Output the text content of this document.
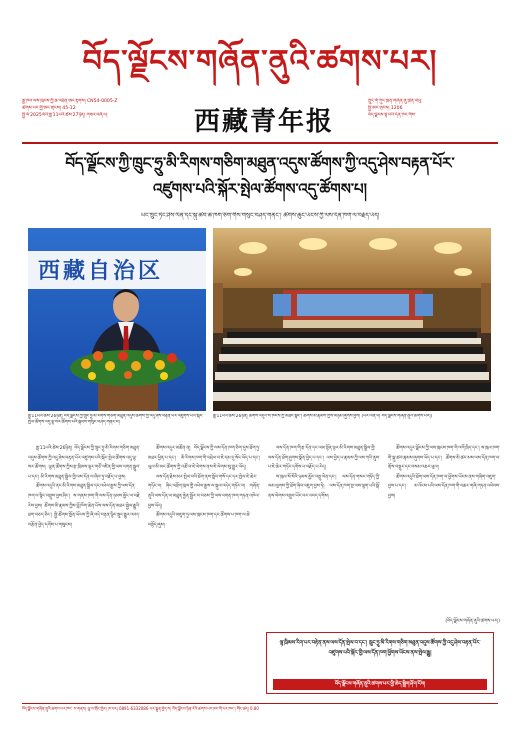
བོད་ལྗོངས་གཞོན་ནུའི་ཚགས་པར།
རྒྱ་ཁབ་ལས་ཁུངས་ཀྱི་ཆ་འཕྲིན་ཨང་རྟགས། CN54-0005-Z
ཚགས་པར་གྱི་ཨང་གྲངས། 45-12
སྤྱི་ལོ་2025ལོའི་ཟླ་11པའི་ཚེས་27ཉིན། གཟའ་བཞི་པ།	西藏青年报
ཀྲུང་གོ་ཀུང་ཁྲན་གཞོན་ནུ་ཁྲེན་ལེའུ་
སྤྱི་ཨང་གྲངས། 1206
བོད་ལྗོངས་ལྟེ་བའི་དོན་ཁང་གིས་
བོད་ལྗོངས་ཀྱི་ཁྲུང་ཧྲུ་མི་རིགས་གཅིག་མཐུན་འདུས་ཚོགས་ཀྱི་འདུ་ཤེས་བརྟན་པོར་
འཛུགས་པའི་སྐོར་སྤེལ་ཚོགས་འདུ་ཚོགས་པ།
ཡང་ཁྲུང་ཏེང་ཤིས་ལིན་དང་སྐུ་ཚབ་ཆེ་ཁག་ཅིག་གིས་གསུང་བཤད་གནང་། ཚོགས་ཆུང་ཡོངས་ཀྱི་ལས་དོན་ཁག་ལ་བརྗོད་ཡོད།
西藏自治区
ཟླ་11པའི་ཚེས་26ཉིན། བོད་ལྗོངས་ཀྱི་ཁྲུང་ཧྲུ་མི་རིགས་གཅིག་མཐུན་འདུས་ཚོགས་ཀྱི་འདུ་ཤེས་བརྟན་པོར་འཛུགས་པའི་སྐོར་སྤེལ་ཚོགས་འདུ་ལྷ་སར་ཚོགས་པའི་སྐབས་གསུང་བཤད་གནང་བ།
ཟླ་11པའི་ཚེས་26ཉིན། ཚོགས་འདུའི་ས་ཁོངས་ཀྱི་མཐོང་སྣང་། ཚོགས་མི་རྣམས་ཀྱིས་མཉམ་ཞུགས་བྱས། (པར་ལེན་པ། བོད་ལྗོངས་གཞོན་ནུའི་ཚགས་པར།)

ཟླ་11པའི་ཚེས་26ཉིན། བོད་ལྗོངས་ཀྱི་ཁྲུང་ཧྲུ་མི་རིགས་གཅིག་མཐུན་འདུས་ཚོགས་ཀྱི་འདུ་ཤེས་བརྟན་པོར་འཛུགས་པའི་སྐོར་སྤེལ་ཚོགས་འདུ་ལྷ་སར་ཚོགས། ལྷན་ཚོགས་ཀྱིས་རྩ་ཁྲིམས་ལྟར་གཙོ་འཛིན་གྱི་ལས་འགན་སྒྲུབ་པ་དང་། མི་རིགས་མཐུན་སྒྲིལ་གྱི་ལས་དོན་ལ་ཞིབ་ཏུ་བརྗོད་པ་བྱས།

ཚོགས་འདུའི་ནང་མི་རིགས་མཐུན་སྒྲིལ་དང་འཕེལ་རྒྱས་ཀྱི་ལས་དོན་ཁག་ལ་སྙིང་བསྡུས་བྱས་ཤིང་། ས་གནས་ཁག་གི་ལས་དོན་ཉམས་མྱོང་ལ་བརྗེ་རེས་བྱས། ཚོགས་མི་རྣམས་ཀྱིས་བློ་ཁོག་ཆེན་པོས་ལས་དོན་མཐར་སྐྱེལ་རྒྱུའི་ཐག་བཅད་ཅིང་། སྤྱི་ཚོགས་ཁྱོན་ཡོངས་ཀྱི་ཞི་བདེ་བརྟན་ལྷིང་སྲུང་རྒྱུར་འབད་བརྩོན་བྱེད་དགོས་པ་གསུངས།

ཚོགས་འདུར་མཚོན་ན། བོད་ལྗོངས་ཀྱི་ལས་དོན་ཁག་ཅིག་དུས་ཐོག་ཏུ་མཐར་ཕྱིན་པ་དང་། མི་རིགས་ཁག་གི་འབྲེལ་བ་ཇེ་དམ་དུ་སོང་ཡོད་པ་དང་། ཡུལ་མི་མང་ཚོགས་ཀྱི་འཚོ་བ་ཇེ་ལེགས་ནས་ཇེ་ལེགས་སུ་གྱུར་ཡོད།

ལས་དོན་རྗེས་མར་སྤེལ་བའི་ཐོག་ནས་སློབ་གསོ་དང་དར་སྤེལ་ཇེ་ཆེར་གཏོང་བ། ཞིང་འབྲོག་ཁུལ་གྱི་འཕེལ་རྒྱས་ལ་སྐུལ་འདེད་གཏོང་བ། གཞོན་ནུའི་ལས་དོན་ལ་མཐུན་རྐྱེན་སྦྱོར་བ་བཅས་ཀྱི་ལས་འགན་ཁག་གཏན་འཁེལ་བྱས་ཡོད།

ཚོགས་འདུའི་མཇུག་ཏུ་ལས་ཁུངས་ཁག་དང་ཚོགས་པ་ཁག་ལ་ཆེ་བསྟོད་ཞུས།

ལས་དོན་ཁག་གི་རྩ་དོན་དང་ལམ་སྟོན་ལྟར་མི་རིགས་མཐུན་སྒྲིལ་གྱི་ལས་དོན་ཐོག་ཤུགས་སྣོན་བྱེད་པ་དང་། ལས་བྱེད་པ་རྣམས་ཀྱི་ལས་ཀའི་ནུས་པ་ཇེ་ཆེར་གཏོང་དགོས་པ་བརྗོད་པ་རེད།

ས་ཁུལ་སོ་སོའི་ཉམས་མྱོང་བསྡུ་ལེན་དང་། ལས་དོན་གསར་གཏོད་ཀྱི་ལམ་ལུགས་ཀྱི་ཐོག་ཞིབ་འཇུག་བྱས་ཏེ། ལས་དོན་ཁག་སྔ་ལས་ལྷག་པའི་སྒོ་ནས་ལེགས་འགྲུབ་ཡོང་བར་འབད་དགོས།

ཚོགས་འདུར་ལྗོངས་ཀྱི་ལས་ཁུངས་ཁག་གི་འགོ་ཁྲིད་དང་། ས་ཁུལ་ཁག་གི་སྐུ་ཚབ་རྣམས་ཞུགས་ཡོད་པ་དང་། ཚོགས་མི་ཚང་མས་ལས་དོན་ཁག་ལ་གྲོས་བསྡུར་དང་བསམ་འཆར་ཕུལ།

ཚོགས་འདུའི་ཐོག་ལས་དོན་ཁག་ལ་ཕྱོགས་ཡོངས་ནས་གཞིག་འཇུག་བྱས་པ་དང་། མ་འོངས་པའི་ལས་དོན་ཁག་གི་འཆར་གཞི་གཏན་འབེབས་བྱས།

(བོད་ལྗོངས་གཞོན་ནུའི་ཚགས་པར།)
ལྷ་ཁྲིམས་རིག་པར་བརྟེན་ནས་ལས་དོན་སྤེལ་བ་དང་། ཁྲུང་ཧྲུ་མི་རིགས་གཅིག་མཐུན་འདུས་ཚོགས་ཀྱི་འདུ་ཤེས་བརྟན་པོར་འཛུགས་པའི་སྐོར་གྱི་ལས་དོན་ཁག་ཕྱོགས་ཡོངས་ནས་སྤེལ་རྒྱུ།
བོད་ལྗོངས་གཞོན་ནུའི་ཚགས་པར་གྱི་ཆེད་སྒྲིག་ཤོག་ངོས།
བོད་ལྗོངས་གཞོན་ནུའི་ཚགས་པར་ཁང་ ས་གནས། ལྷ་ས་གྲོང་ཁྱེར། ཁ་པར། 0891-6332086 པར་སྐྲུན་བྱེད་ས། བོད་ལྗོངས་ཉིན་རེའི་ཚགས་པར་ཁང་གི་པར་ཁང་། གོང་ཚད། 0.80
